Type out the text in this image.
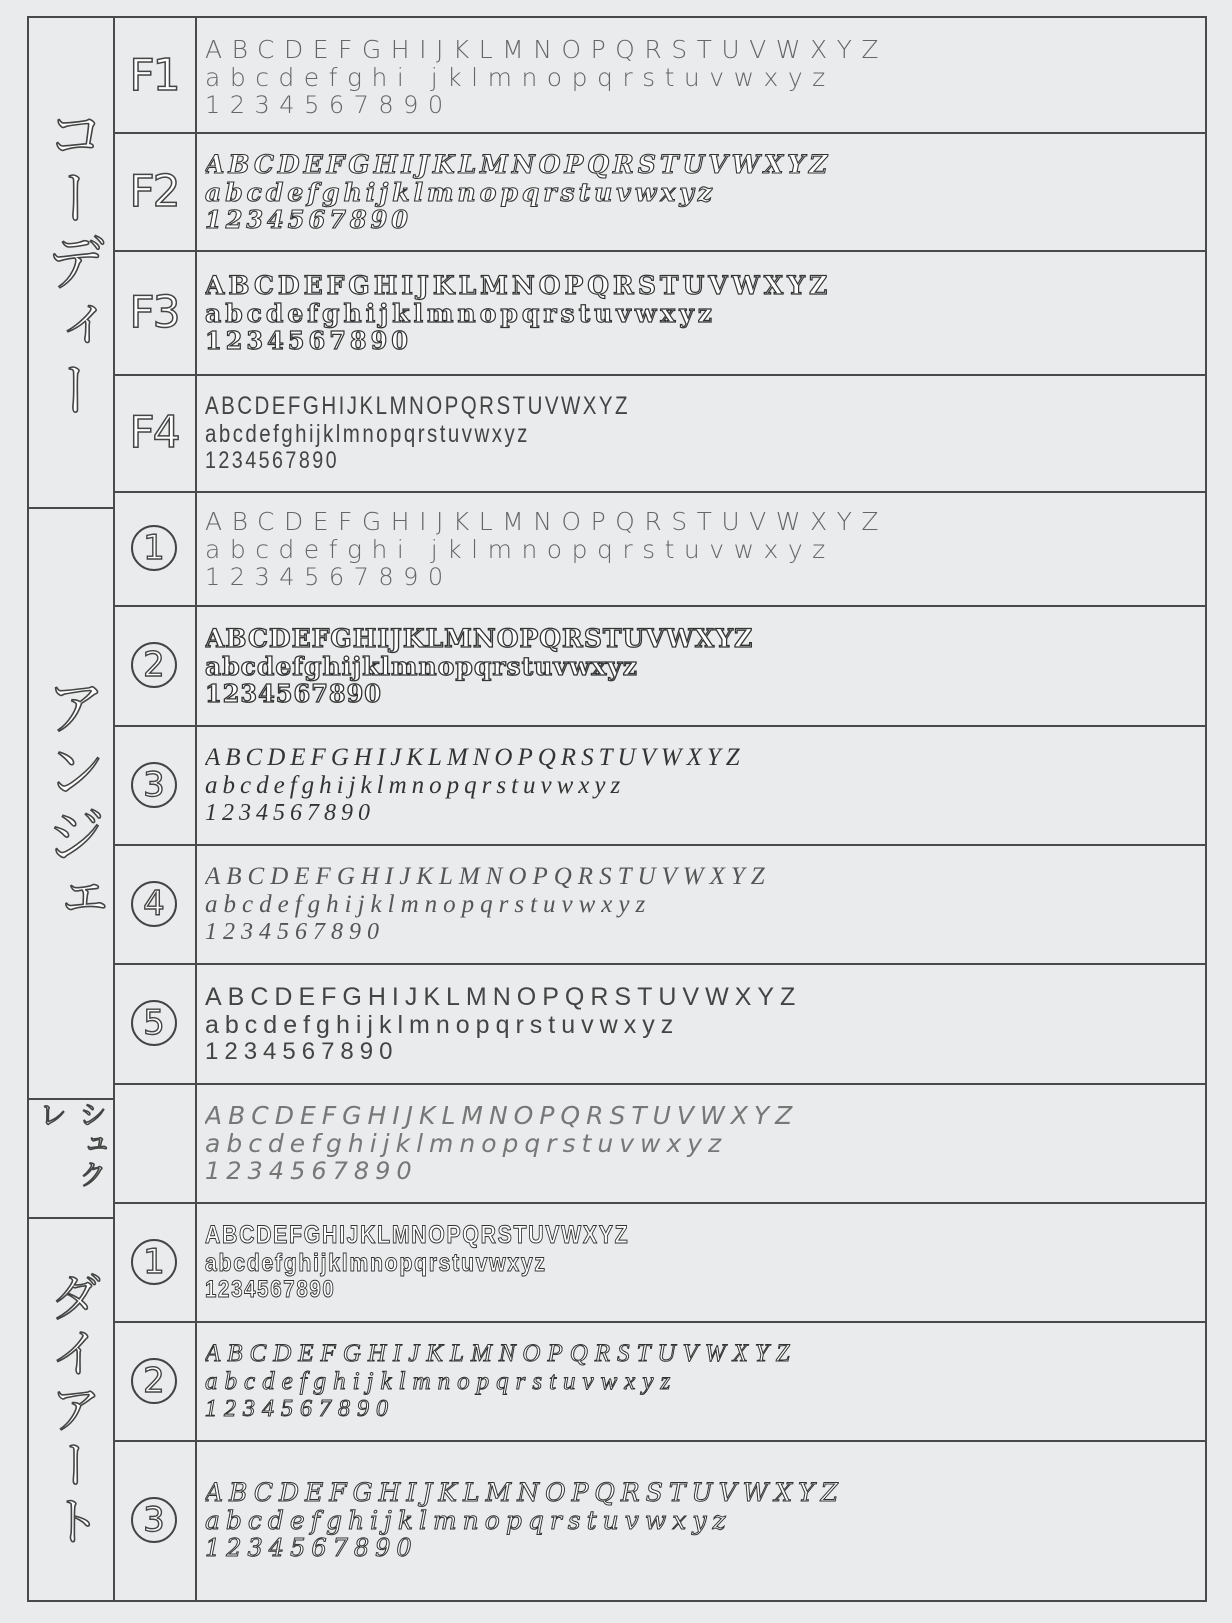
コーディー
アンジェ
シュクレ
ダイアート
F1
F2
F3
F4
1
2
3
4
5
1
2
3
ABCDEFGHIJKLMNOPQRSTUVWXYZ
abcdefghi jklmnopqrstuvwxyz
1234567890
ABCDEFGHIJKLMNOPQRSTUVWXYZ
abcdefghijklmnopqrstuvwxyz
1234567890
ABCDEFGHIJKLMNOPQRSTUVWXYZ
abcdefghijklmnopqrstuvwxyz
1234567890
ABCDEFGHIJKLMNOPQRSTUVWXYZ
abcdefghijklmnopqrstuvwxyz
1234567890
ABCDEFGHIJKLMNOPQRSTUVWXYZ
abcdefghi jklmnopqrstuvwxyz
1234567890
ABCDEFGHIJKLMNOPQRSTUVWXYZ
abcdefghijklmnopqrstuvwxyz
1234567890
ABCDEFGHIJKLMNOPQRSTUVWXYZ
abcdefghijklmnopqrstuvwxyz
1234567890
ABCDEFGHIJKLMNOPQRSTUVWXYZ
abcdefghijklmnopqrstuvwxyz
1234567890
ABCDEFGHIJKLMNOPQRSTUVWXYZ
abcdefghijklmnopqrstuvwxyz
1234567890
ABCDEFGHIJKLMNOPQRSTUVWXYZ
abcdefghijklmnopqrstuvwxyz
1234567890
ABCDEFGHIJKLMNOPQRSTUVWXYZ
abcdefghijklmnopqrstuvwxyz
1234567890
ABCDEFGHIJKLMNOPQRSTUVWXYZ
abcdefghijklmnopqrstuvwxyz
1234567890
ABCDEFGHIJKLMNOPQRSTUVWXYZ
abcdefghijklmnopqrstuvwxyz
1234567890
